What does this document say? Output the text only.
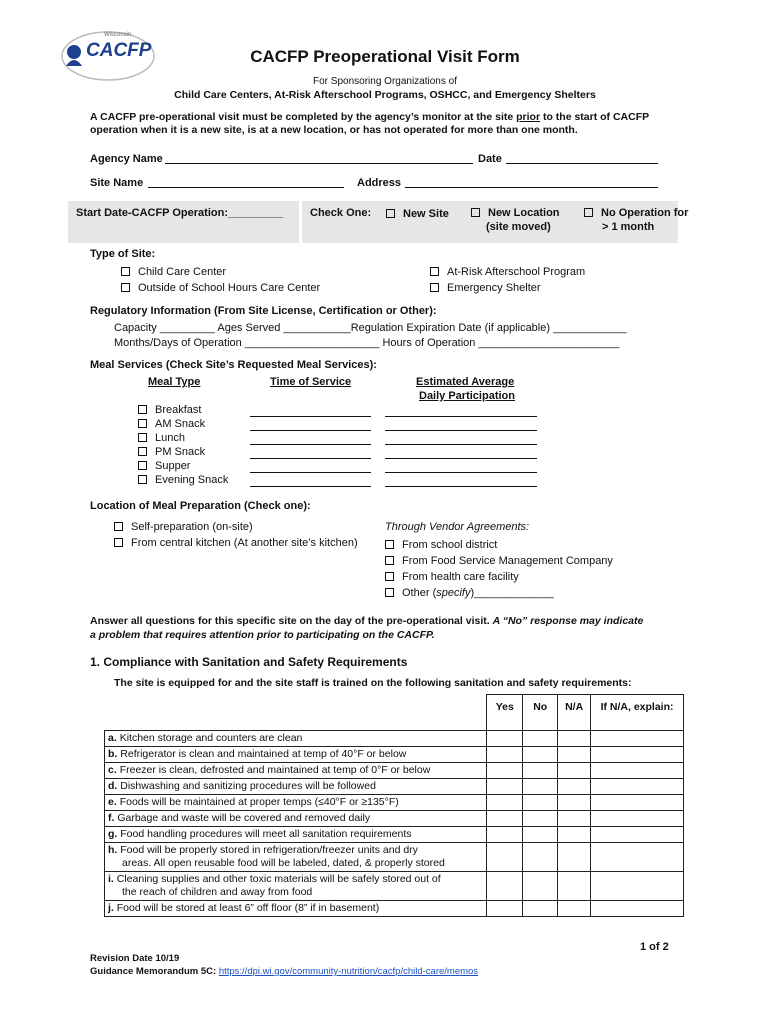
CACFP
Wisconsin
CACFP Preoperational Visit Form
For Sponsoring Organizations of
Child Care Centers, At-Risk Afterschool Programs, OSHCC, and Emergency Shelters
A CACFP pre-operational visit must be completed by the agency’s monitor at the site prior to the start of CACFP
operation when it is a new site, is at a new location, or has not operated for more than one month.
Agency Name	Date
Site Name	Address
Start Date-CACFP Operation:_________ Check One:	New Site	New Location
(site moved)
No Operation for
> 1 month
Type of Site:
Child Care Center
Outside of School Hours Care Center
At-Risk Afterschool Program
Emergency Shelter
Regulatory Information (From Site License, Certification or Other):
Capacity _________ Ages Served ___________Regulation Expiration Date (if applicable) ____________
Months/Days of Operation ______________________ Hours of Operation _______________________
Meal Services (Check Site’s Requested Meal Services):
Meal Type	Time of Service	Estimated Average
Daily Participation
Breakfast
AM Snack
Lunch
PM Snack
Supper
Evening Snack
Location of Meal Preparation (Check one):
Self-preparation (on-site)
From central kitchen (At another site’s kitchen)
Through Vendor Agreements:
From school district
From Food Service Management Company
From health care facility
Other (specify)_____________
Answer all questions for this specific site on the day of the pre-operational visit. A “No” response may indicate
a problem that requires attention prior to participating on the CACFP.
1. Compliance with Sanitation and Safety Requirements
The site is equipped for and the site staff is trained on the following sanitation and safety requirements:
	Yes	No	N/A	If N/A, explain:
a. Kitchen storage and counters are clean				
b. Refrigerator is clean and maintained at temp of 40°F or below				
c. Freezer is clean, defrosted and maintained at temp of 0°F or below				
d. Dishwashing and sanitizing procedures will be followed				
e. Foods will be maintained at proper temps (≤40°F or ≥135°F)				
f. Garbage and waste will be covered and removed daily				
g. Food handling procedures will meet all sanitation requirements				
h. Food will be properly stored in refrigeration/freezer units and dry
areas. All open reusable food will be labeled, dated, & properly stored				
i. Cleaning supplies and other toxic materials will be safely stored out of
the reach of children and away from food				
j. Food will be stored at least 6” off floor (8” if in basement)				
1 of 2
Revision Date 10/19
Guidance Memorandum 5C: https://dpi.wi.gov/community-nutrition/cacfp/child-care/memos
